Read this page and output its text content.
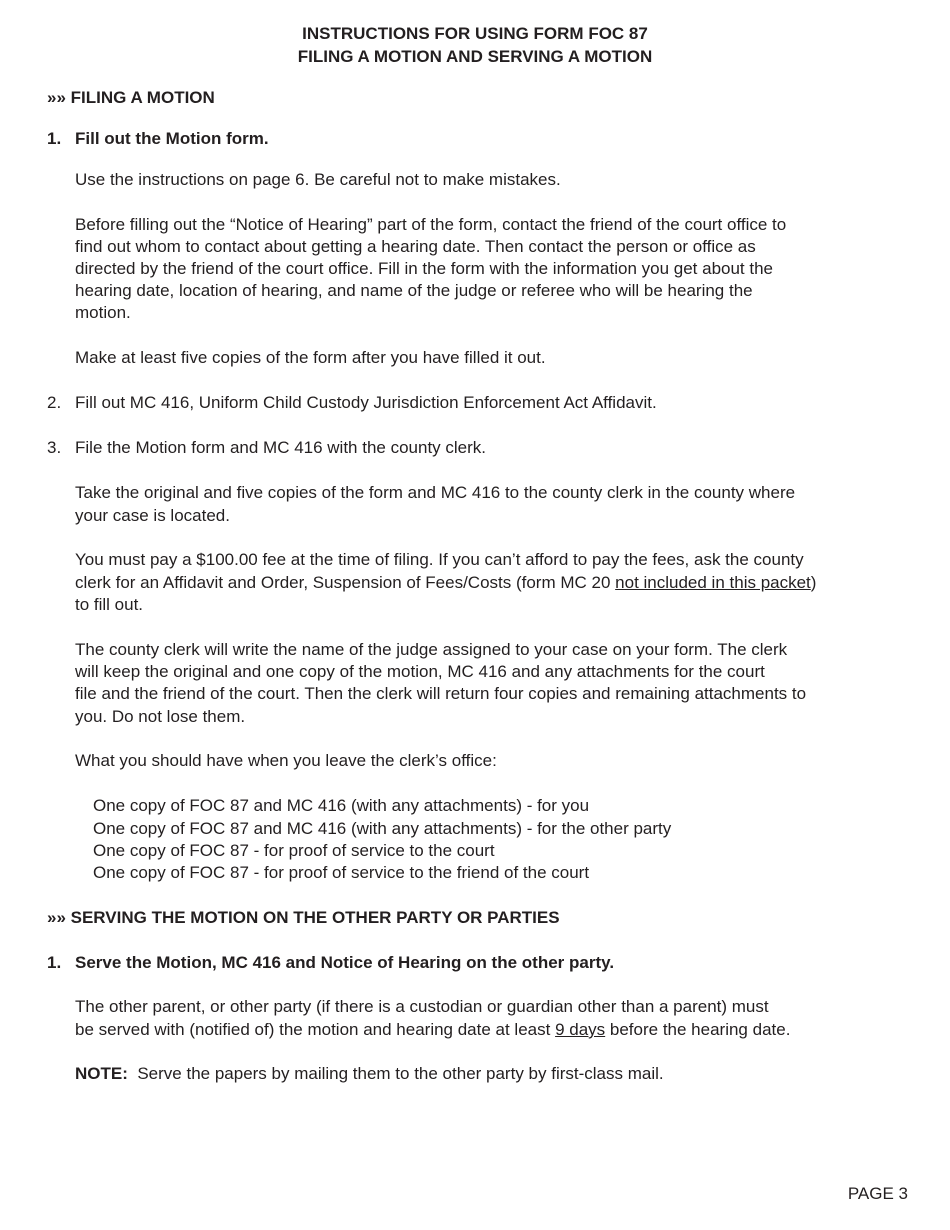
INSTRUCTIONS FOR USING FORM FOC 87
FILING A MOTION AND SERVING A MOTION
»» FILING A MOTION
1. Fill out the Motion form.
Use the instructions on page 6. Be careful not to make mistakes.
Before filling out the “Notice of Hearing” part of the form, contact the friend of the court office to
find out whom to contact about getting a hearing date. Then contact the person or office as
directed by the friend of the court office. Fill in the form with the information you get about the
hearing date, location of hearing, and name of the judge or referee who will be hearing the
motion.
Make at least five copies of the form after you have filled it out.
2. Fill out MC 416, Uniform Child Custody Jurisdiction Enforcement Act Affidavit.
3. File the Motion form and MC 416 with the county clerk.
Take the original and five copies of the form and MC 416 to the county clerk in the county where
your case is located.
You must pay a $100.00 fee at the time of filing. If you can’t afford to pay the fees, ask the county
clerk for an Affidavit and Order, Suspension of Fees/Costs (form MC 20 not included in this packet)
to fill out.
The county clerk will write the name of the judge assigned to your case on your form. The clerk
will keep the original and one copy of the motion, MC 416 and any attachments for the court
file and the friend of the court. Then the clerk will return four copies and remaining attachments to
you. Do not lose them.
What you should have when you leave the clerk’s office:
One copy of FOC 87 and MC 416 (with any attachments) - for you
One copy of FOC 87 and MC 416 (with any attachments) - for the other party
One copy of FOC 87 - for proof of service to the court
One copy of FOC 87 - for proof of service to the friend of the court
»» SERVING THE MOTION ON THE OTHER PARTY OR PARTIES
1. Serve the Motion, MC 416 and Notice of Hearing on the other party.
The other parent, or other party (if there is a custodian or guardian other than a parent) must
be served with (notified of) the motion and hearing date at least 9 days before the hearing date.
NOTE:  Serve the papers by mailing them to the other party by first-class mail.
PAGE 3
